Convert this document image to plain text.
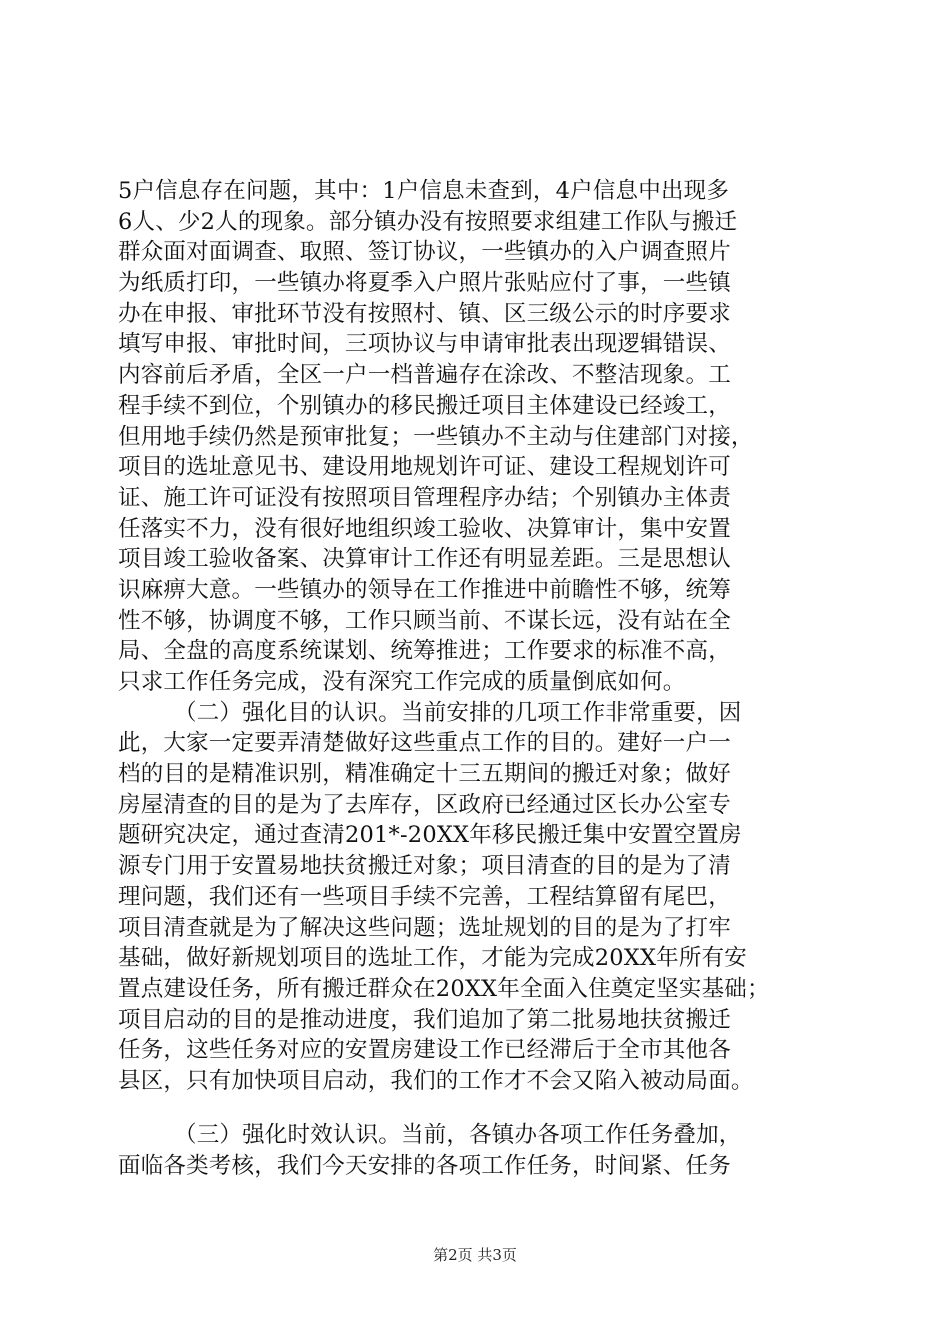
5户信息存在问题，其中：1户信息未查到，4户信息中出现多
6人、少2人的现象。部分镇办没有按照要求组建工作队与搬迁
群众面对面调查、取照、签订协议，一些镇办的入户调查照片
为纸质打印，一些镇办将夏季入户照片张贴应付了事，一些镇
办在申报、审批环节没有按照村、镇、区三级公示的时序要求
填写申报、审批时间，三项协议与申请审批表出现逻辑错误、
内容前后矛盾，全区一户一档普遍存在涂改、不整洁现象。工
程手续不到位，个别镇办的移民搬迁项目主体建设已经竣工，
但用地手续仍然是预审批复；一些镇办不主动与住建部门对接，
项目的选址意见书、建设用地规划许可证、建设工程规划许可
证、施工许可证没有按照项目管理程序办结；个别镇办主体责
任落实不力，没有很好地组织竣工验收、决算审计，集中安置
项目竣工验收备案、决算审计工作还有明显差距。三是思想认
识麻痹大意。一些镇办的领导在工作推进中前瞻性不够，统筹
性不够，协调度不够，工作只顾当前、不谋长远，没有站在全
局、全盘的高度系统谋划、统筹推进；工作要求的标准不高，
只求工作任务完成，没有深究工作完成的质量倒底如何。
（二）强化目的认识。当前安排的几项工作非常重要，因
此，大家一定要弄清楚做好这些重点工作的目的。建好一户一
档的目的是精准识别，精准确定十三五期间的搬迁对象；做好
房屋清查的目的是为了去库存，区政府已经通过区长办公室专
题研究决定，通过查清201*-20XX年移民搬迁集中安置空置房
源专门用于安置易地扶贫搬迁对象；项目清查的目的是为了清
理问题，我们还有一些项目手续不完善，工程结算留有尾巴，
项目清查就是为了解决这些问题；选址规划的目的是为了打牢
基础，做好新规划项目的选址工作，才能为完成20XX年所有安
置点建设任务，所有搬迁群众在20XX年全面入住奠定坚实基础；
项目启动的目的是推动进度，我们追加了第二批易地扶贫搬迁
任务，这些任务对应的安置房建设工作已经滞后于全市其他各
县区，只有加快项目启动，我们的工作才不会又陷入被动局面。
（三）强化时效认识。当前，各镇办各项工作任务叠加，
面临各类考核，我们今天安排的各项工作任务，时间紧、任务
第2页 共3页
